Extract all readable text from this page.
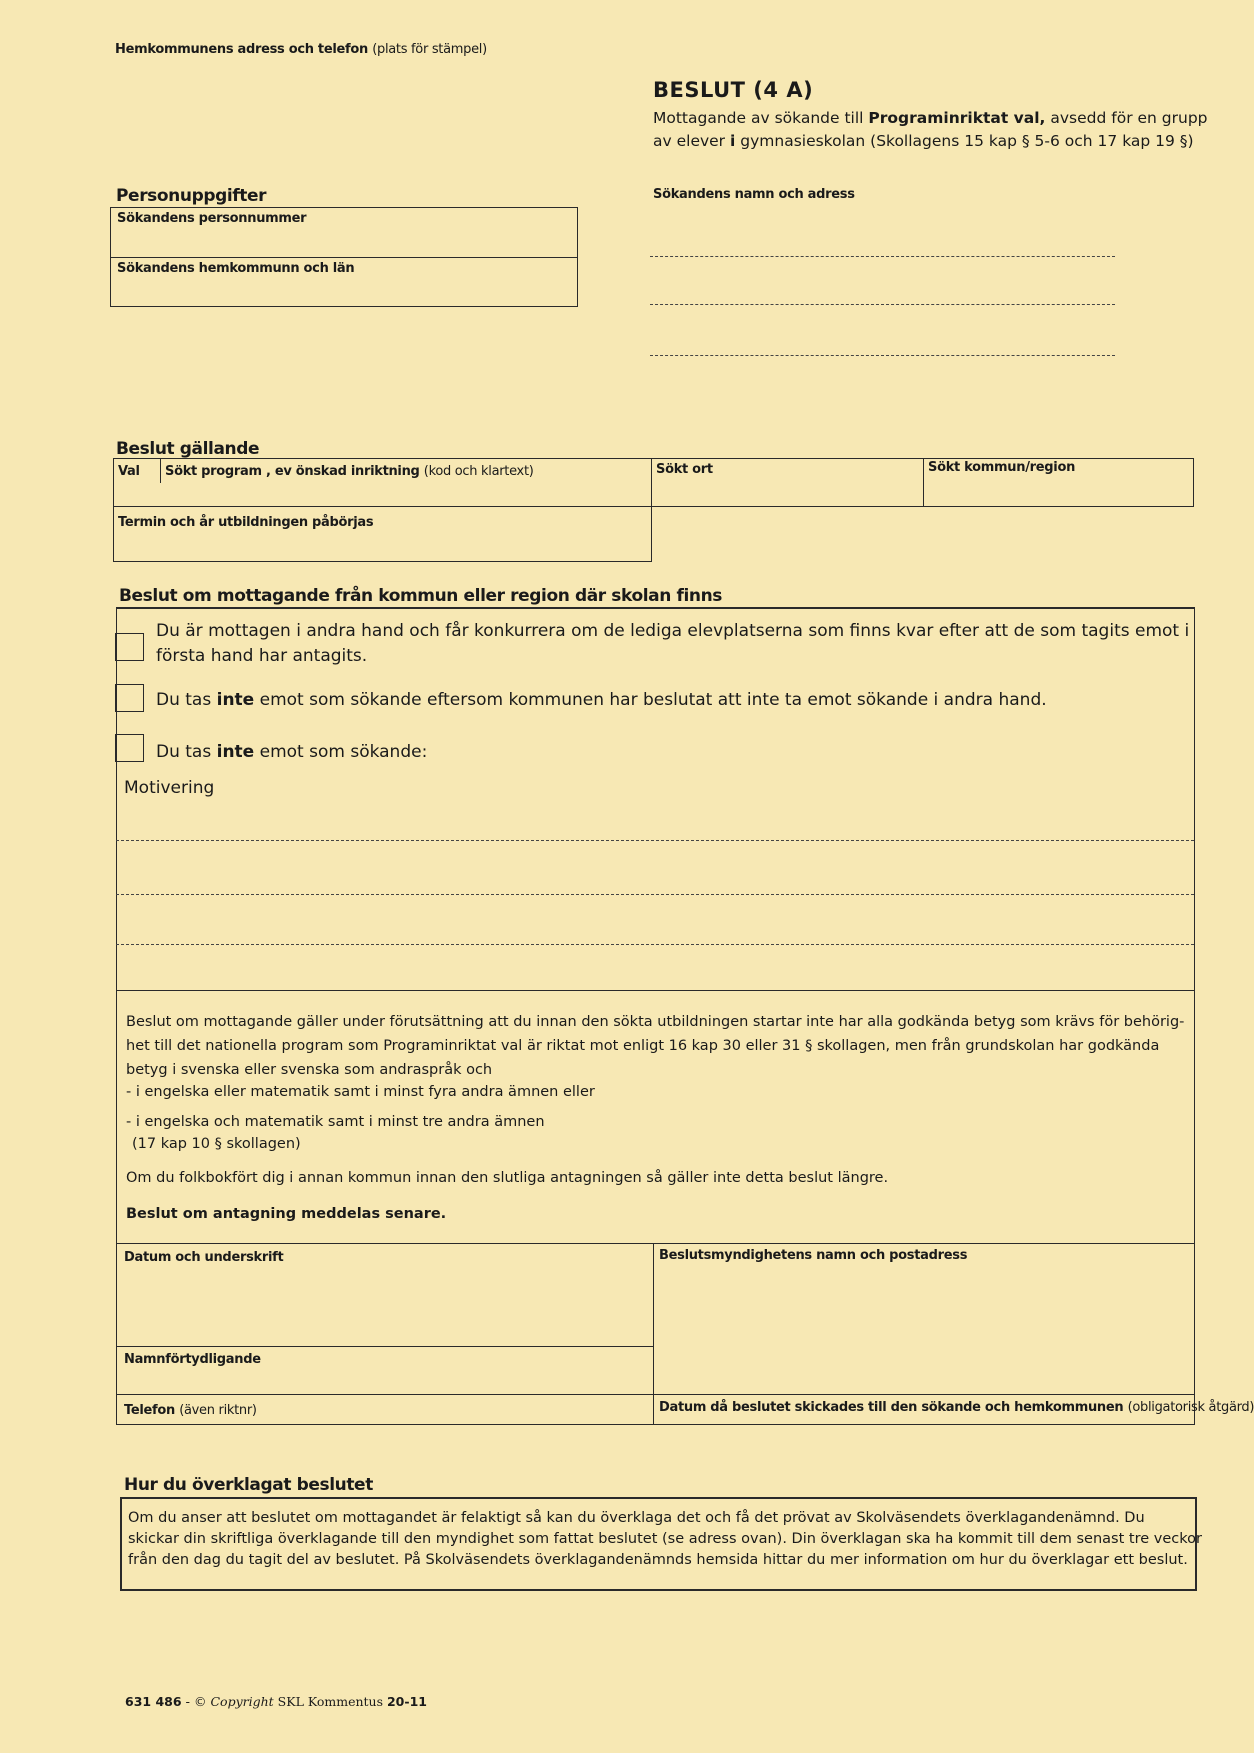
Hemkommunens adress och telefon (plats för stämpel)
BESLUT (4 A)
Mottagande av sökande till Programinriktat val, avsedd för en grupp
av elever i gymnasieskolan (Skollagens 15 kap § 5-6 och 17 kap 19 §)
Personuppgifter
Sökandens personnummer
Sökandens hemkommunn och län
Sökandens namn och adress
Beslut gällande
Val Sökt program , ev önskad inriktning (kod och klartext)	Sökt ort	Sökt kommun/region
Termin och år utbildningen påbörjas
Beslut om mottagande från kommun eller region där skolan finns
Du är mottagen i andra hand och får konkurrera om de lediga elevplatserna som finns kvar efter att de som tagits emot i
första hand har antagits.
Du tas inte emot som sökande eftersom kommunen har beslutat att inte ta emot sökande i andra hand.
Du tas inte emot som sökande:
Motivering
Beslut om mottagande gäller under förutsättning att du innan den sökta utbildningen startar inte har alla godkända betyg som krävs för behörig-
het till det nationella program som Programinriktat val är riktat mot enligt 16 kap 30 eller 31 § skollagen, men från grundskolan har godkända
betyg i svenska eller svenska som andraspråk och
- i engelska eller matematik samt i minst fyra andra ämnen eller
- i engelska och matematik samt i minst tre andra ämnen
(17 kap 10 § skollagen)
Om du folkbokfört dig i annan kommun innan den slutliga antagningen så gäller inte detta beslut längre.
Beslut om antagning meddelas senare.
Datum och underskrift	Beslutsmyndighetens namn och postadress
Namnförtydligande
Telefon (även riktnr)	Datum då beslutet skickades till den sökande och hemkommunen (obligatorisk åtgärd)
Hur du överklagat beslutet
Om du anser att beslutet om mottagandet är felaktigt så kan du överklaga det och få det prövat av Skolväsendets överklagandenämnd. Du
skickar din skriftliga överklagande till den myndighet som fattat beslutet (se adress ovan). Din överklagan ska ha kommit till dem senast tre veckor
från den dag du tagit del av beslutet. På Skolväsendets överklagandenämnds hemsida hittar du mer information om hur du överklagar ett beslut.
631 486 - © Copyright SKL Kommentus 20-11
